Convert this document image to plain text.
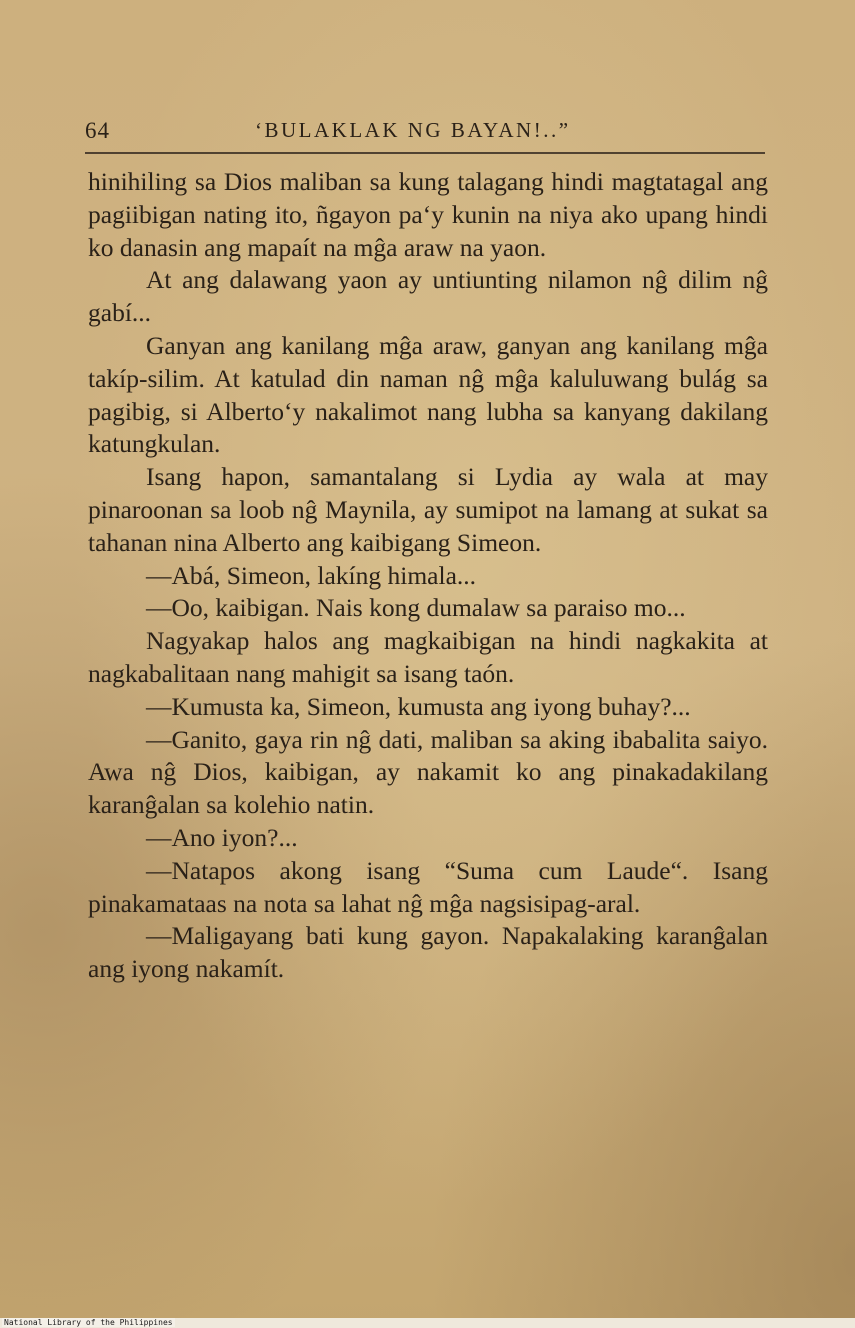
64	‘BULAKLAK NG BAYAN!..”

hinihiling sa Dios maliban sa kung talagang hindi magtatagal ang pagiibigan nating ito, ñgayon pa‘y kunin na niya ako upang hindi ko danasin ang mapaít na mĝa araw na yaon.

At ang dalawang yaon ay untiunting nilamon nĝ dilim nĝ gabí...

Ganyan ang kanilang mĝa araw, ganyan ang kanilang mĝa takíp-silim. At katulad din naman nĝ mĝa kaluluwang bulág sa pagibig, si Alberto‘y nakalimot nang lubha sa kanyang dakilang katungkulan.

Isang hapon, samantalang si Lydia ay wala at may pinaroonan sa loob nĝ Maynila, ay sumipot na lamang at sukat sa tahanan nina Alberto ang kaibigang Simeon.

—Abá, Simeon, lakíng himala...

—Oo, kaibigan. Nais kong dumalaw sa paraiso mo...

Nagyakap halos ang magkaibigan na hindi nagkakita at nagkabalitaan nang mahigit sa isang taón.

—Kumusta ka, Simeon, kumusta ang iyong buhay?...

—Ganito, gaya rin nĝ dati, maliban sa aking ibabalita saiyo. Awa nĝ Dios, kaibigan, ay nakamit ko ang pinakadakilang karanĝalan sa kolehio natin.

—Ano iyon?...

—Natapos akong isang “Suma cum Laude“. Isang pinakamataas na nota sa lahat nĝ mĝa nagsisipag-aral.

—Maligayang bati kung gayon. Napakalaking karanĝalan ang iyong nakamít.

National Library of the Philippines
